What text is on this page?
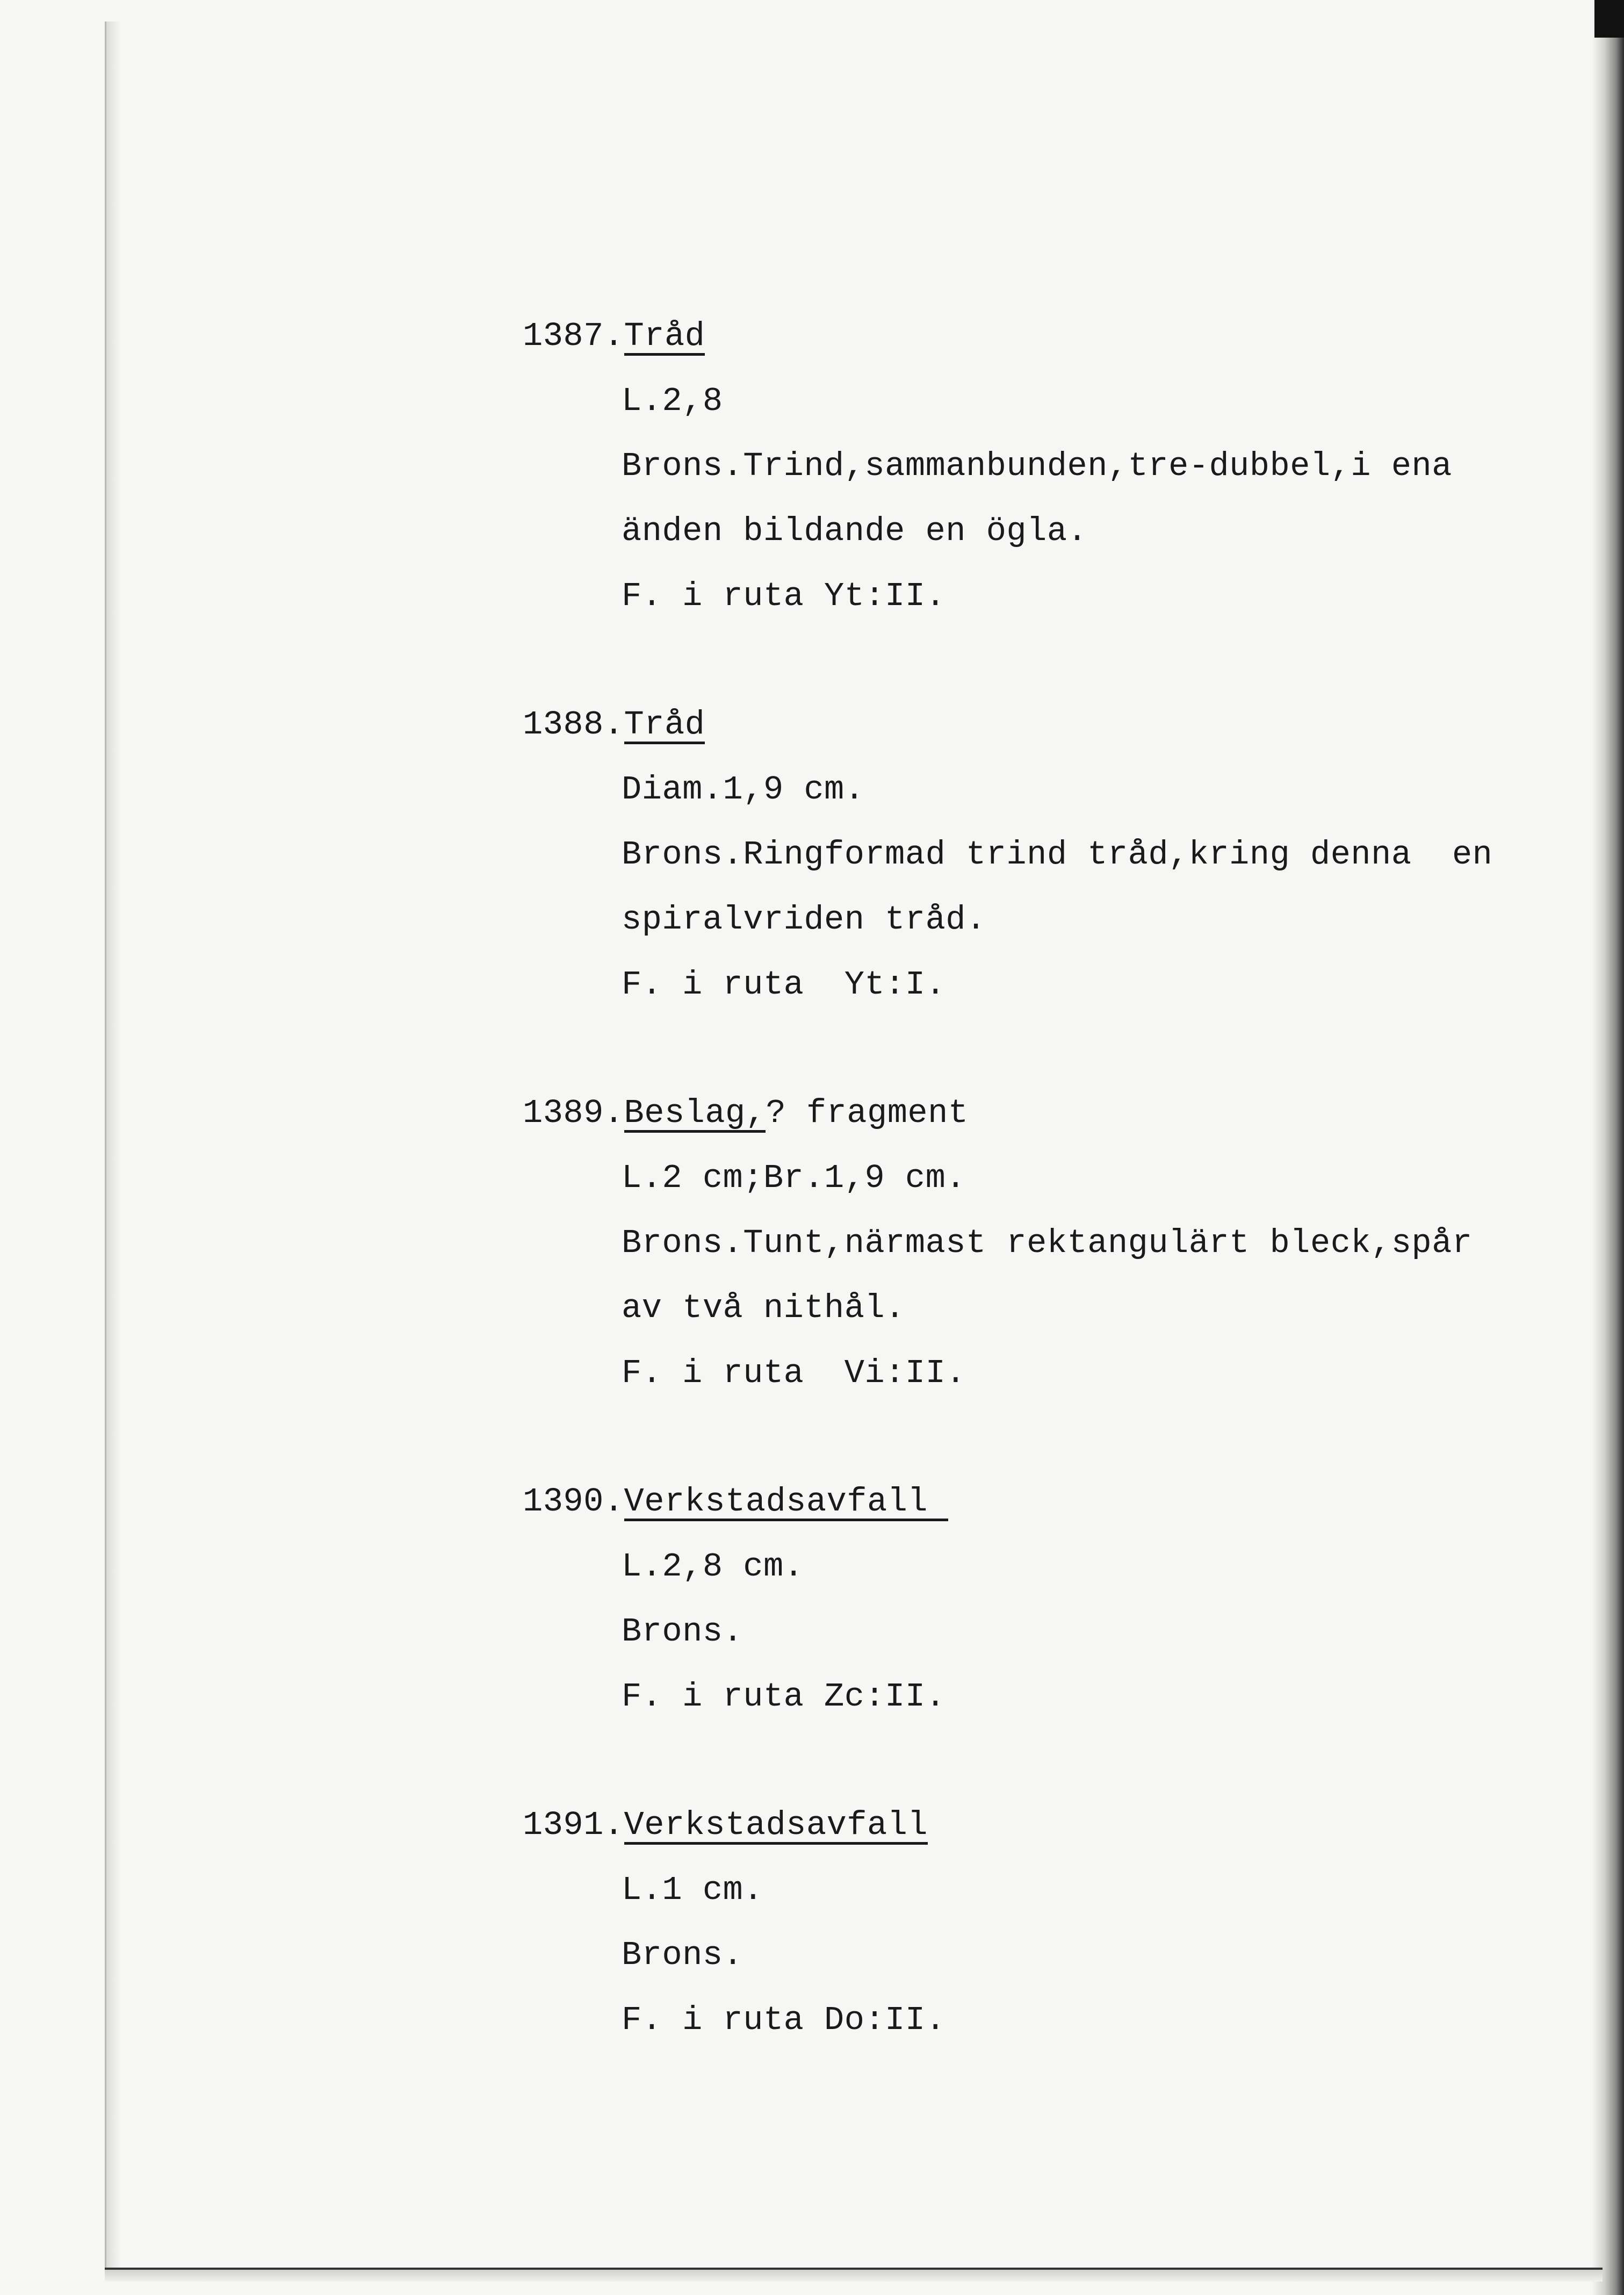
1387.Tråd
L.2,8
Brons.Trind,sammanbunden,tre-dubbel,i ena
änden bildande en ögla.
F. i ruta Yt:II.
1388.Tråd
Diam.1,9 cm.
Brons.Ringformad trind tråd,kring denna  en
spiralvriden tråd.
F. i ruta  Yt:I.
1389.Beslag,? fragment
L.2 cm;Br.1,9 cm.
Brons.Tunt,närmast rektangulärt bleck,spår
av två nithål.
F. i ruta  Vi:II.
1390.Verkstadsavfall
L.2,8 cm.
Brons.
F. i ruta Zc:II.
1391.Verkstadsavfall
L.1 cm.
Brons.
F. i ruta Do:II.
